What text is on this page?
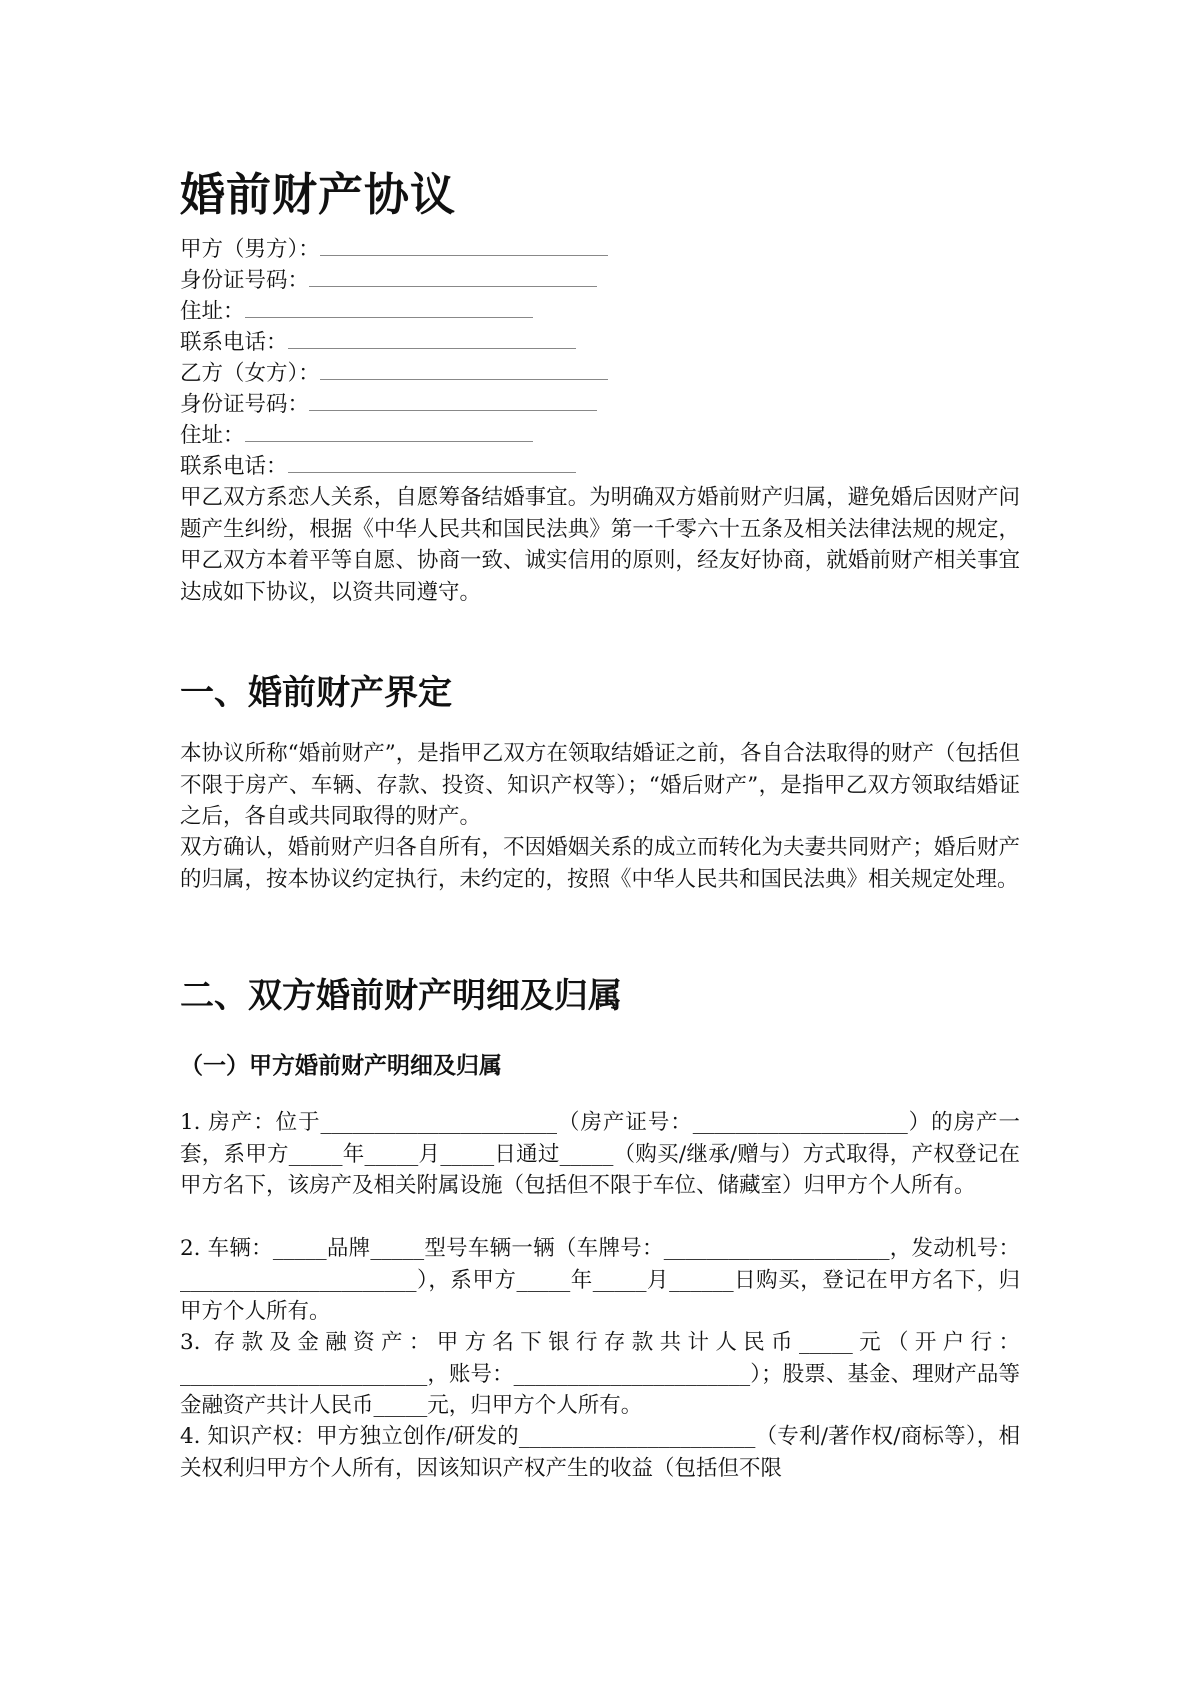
婚前财产协议
甲方（男方）：
身份证号码：
住址：
联系电话：
乙方（女方）：
身份证号码：
住址：
联系电话：
甲乙双方系恋人关系，自愿筹备结婚事宜。为明确双方婚前财产归属，避免婚后因财产问题产生纠纷，根据《中华人民共和国民法典》第一千零六十五条及相关法律法规的规定，甲乙双方本着平等自愿、协商一致、诚实信用的原则，经友好协商，就婚前财产相关事宜达成如下协议，以资共同遵守。
一、婚前财产界定
本协议所称“婚前财产”，是指甲乙双方在领取结婚证之前，各自合法取得的财产（包括但不限于房产、车辆、存款、投资、知识产权等）；“婚后财产”，是指甲乙双方领取结婚证之后，各自或共同取得的财产。
双方确认，婚前财产归各自所有，不因婚姻关系的成立而转化为夫妻共同财产；婚后财产的归属，按本协议约定执行，未约定的，按照《中华人民共和国民法典》相关规定处理。
二、双方婚前财产明细及归属
（一）甲方婚前财产明细及归属
1. 房产：位于______________________（房产证号：____________________）的房产一套，系甲方_____年_____月_____日通过_____（购买/继承/赠与）方式取得，产权登记在甲方名下，该房产及相关附属设施（包括但不限于车位、储藏室）归甲方个人所有。
2. 车辆：_____品牌_____型号车辆一辆（车牌号：_____________________，发动机号：______________________），系甲方_____年_____月______日购买，登记在甲方名下，归甲方个人所有。
3. 存款及金融资产：甲方名下银行存款共计人民币_____元（开户行：_______________________，账号：______________________）；股票、基金、理财产品等金融资产共计人民币_____元，归甲方个人所有。
4. 知识产权：甲方独立创作/研发的______________________（专利/著作权/商标等），相关权利归甲方个人所有，因该知识产权产生的收益（包括但不限
